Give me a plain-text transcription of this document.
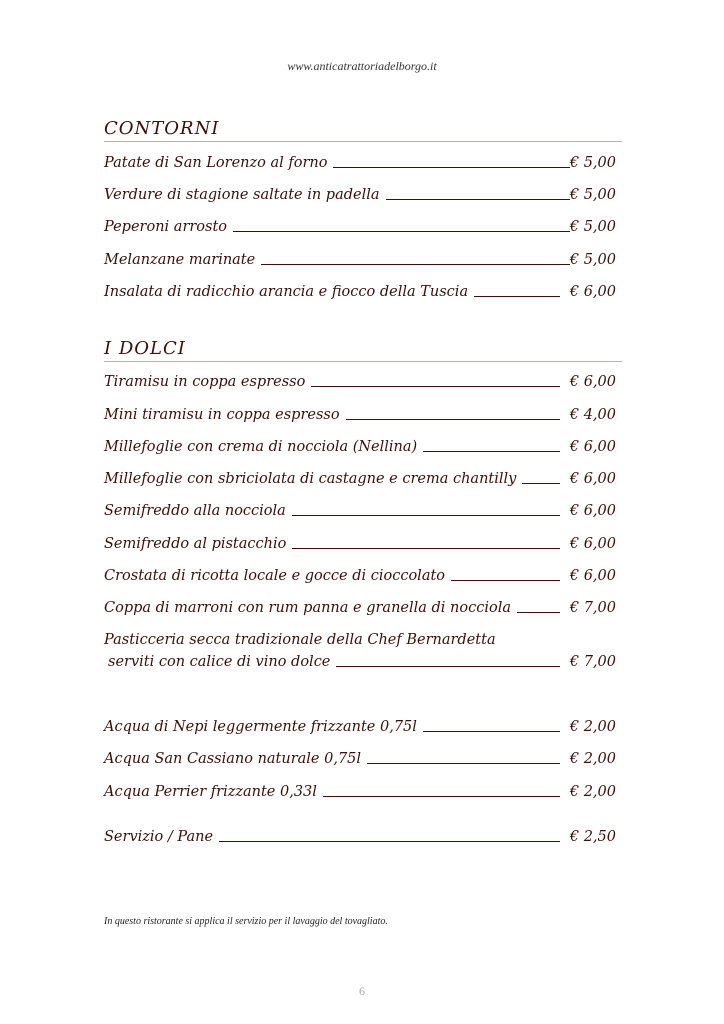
www.anticatrattoriadelborgo.it
CONTORNI
Patate di San Lorenzo al forno	€ 5,00
Verdure di stagione saltate in padella	€ 5,00
Peperoni arrosto	€ 5,00
Melanzane marinate	€ 5,00
Insalata di radicchio arancia e fiocco della Tuscia	€ 6,00
I DOLCI
Tiramisu in coppa espresso	€ 6,00
Mini tiramisu in coppa espresso	€ 4,00
Millefoglie con crema di nocciola (Nellina)	€ 6,00
Millefoglie con sbriciolata di castagne e crema chantilly	€ 6,00
Semifreddo alla nocciola	€ 6,00
Semifreddo al pistacchio	€ 6,00
Crostata di ricotta locale e gocce di cioccolato	€ 6,00
Coppa di marroni con rum panna e granella di nocciola	€ 7,00
Pasticceria secca tradizionale della Chef Bernardetta
serviti con calice di vino dolce	€ 7,00
Acqua di Nepi leggermente frizzante 0,75l	€ 2,00
Acqua San Cassiano naturale 0,75l	€ 2,00
Acqua Perrier frizzante 0,33l	€ 2,00
Servizio / Pane	€ 2,50
In questo ristorante si applica il servizio per il lavaggio del tovagliato.
6
